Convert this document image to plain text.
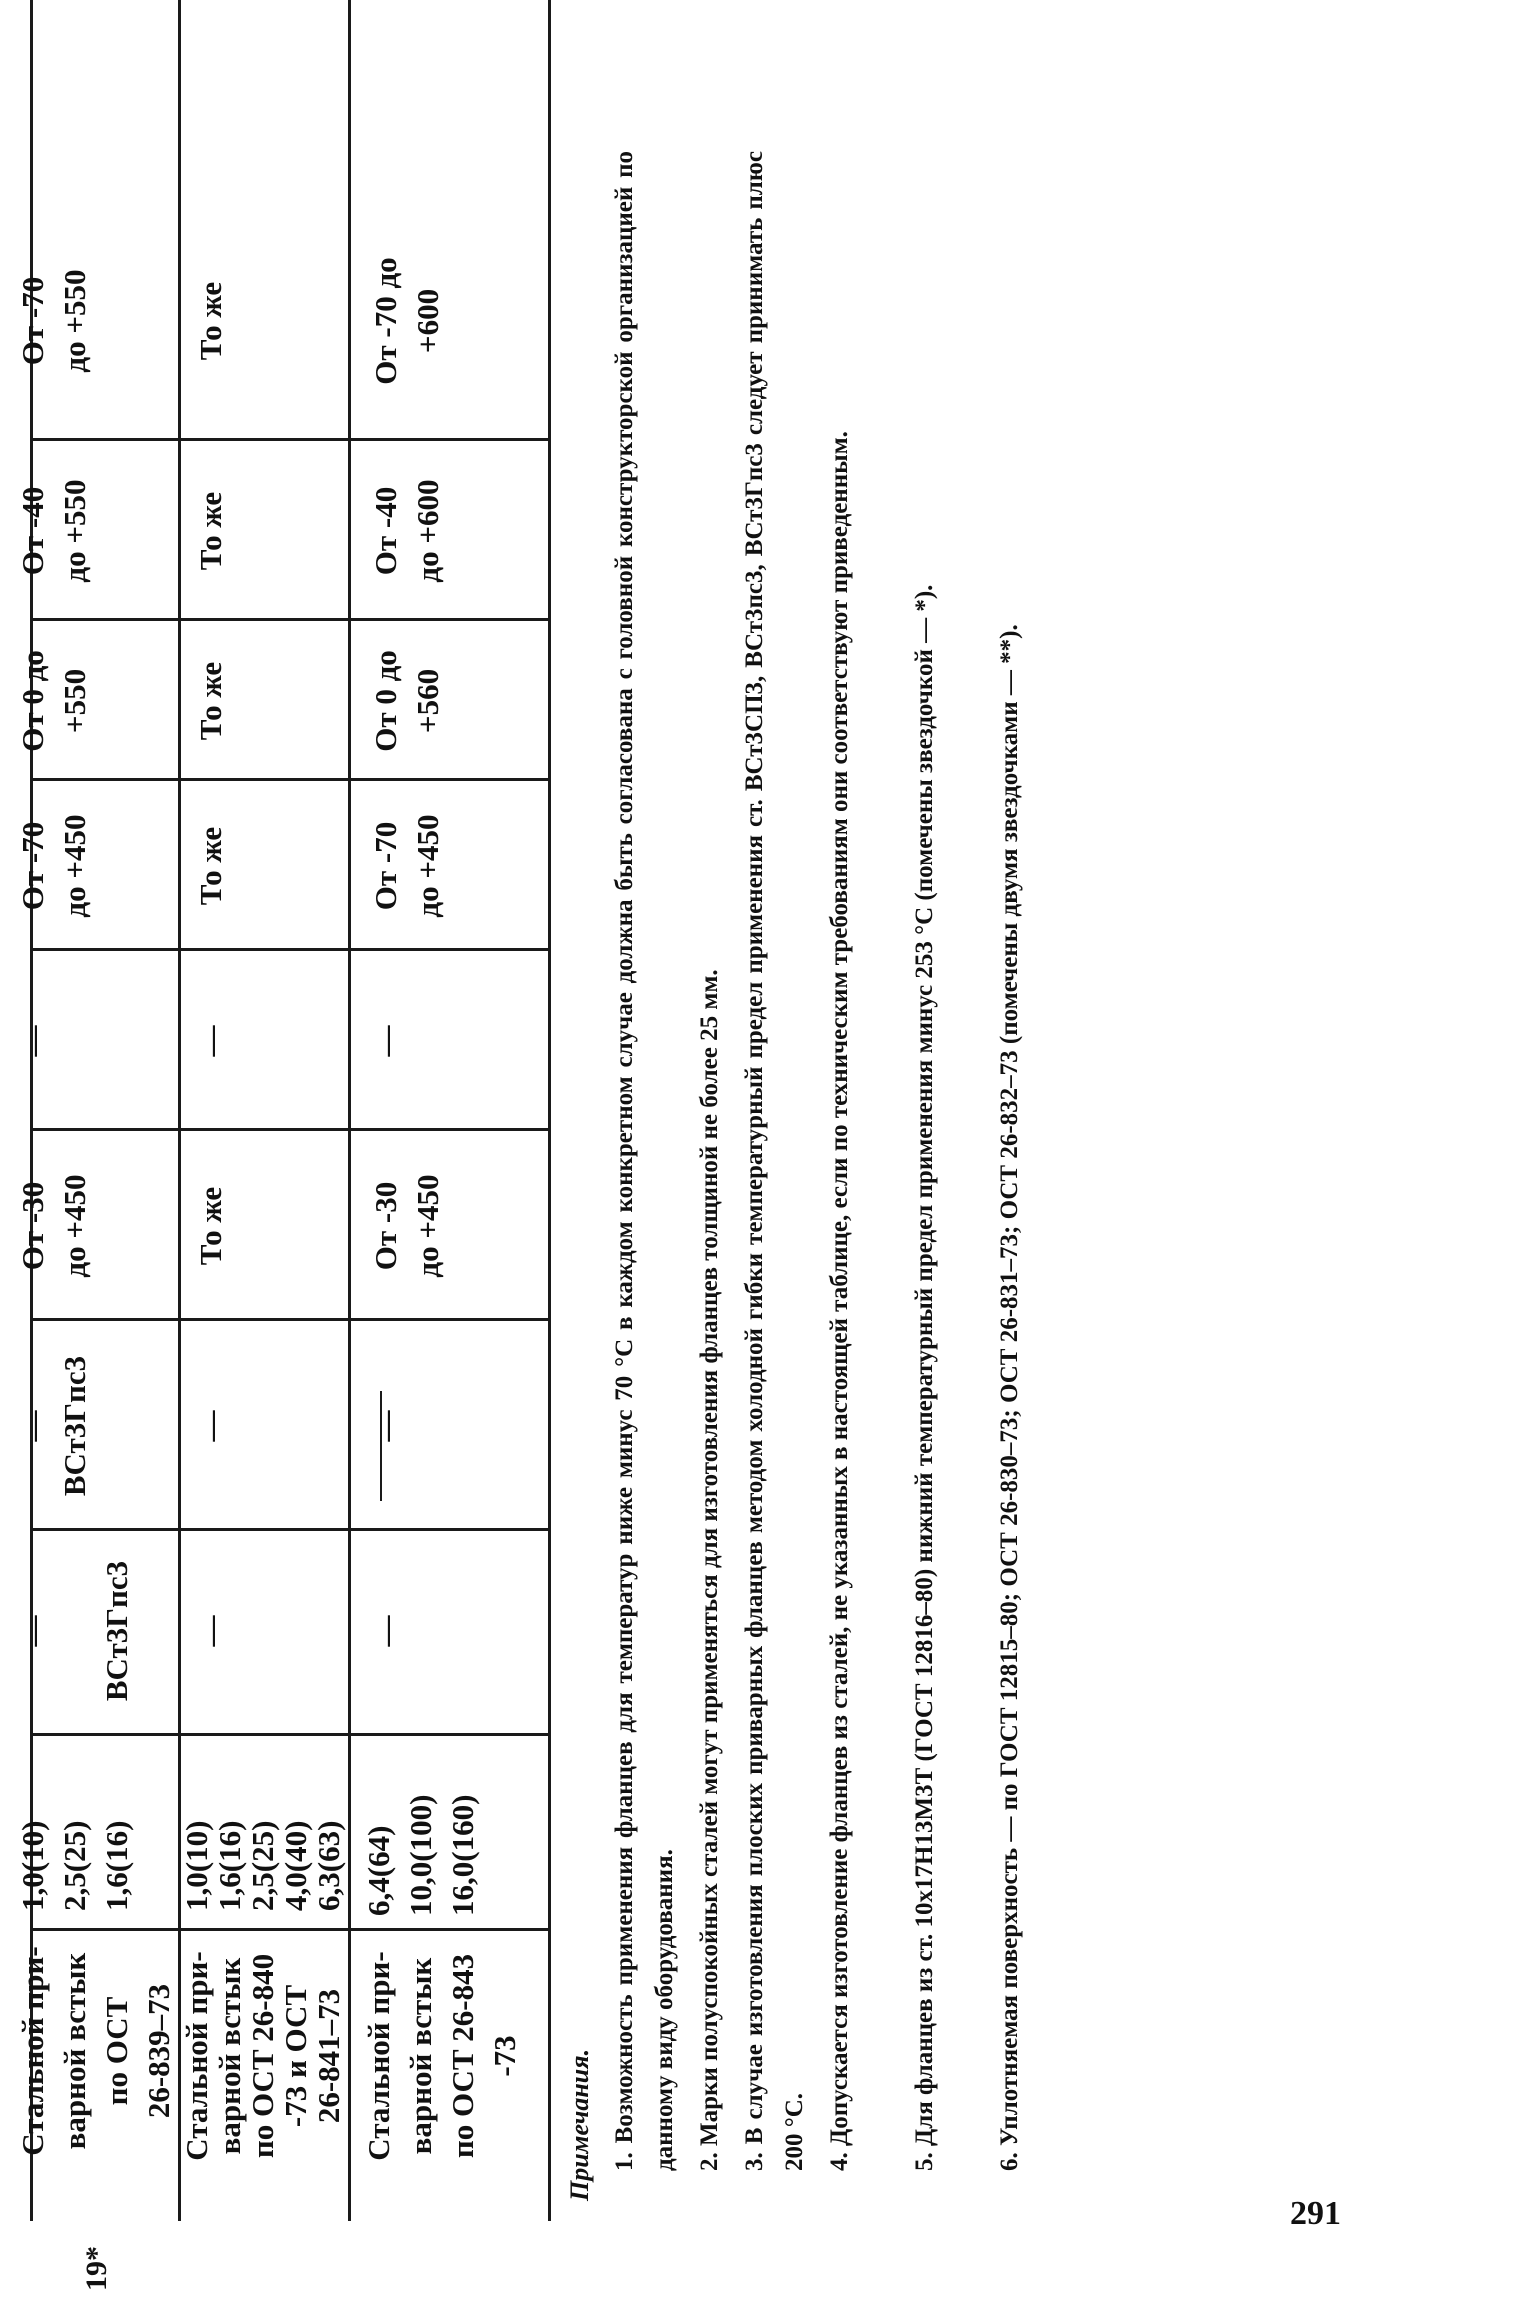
Стальной при-
варной встык
по ОСТ
26-839–73
1,0(10)
2,5(25)
1,6(16)
—

ВСт3Гпс3
—
ВСт3Гпс3
От -30
до +450
—
От -70
до +450
От 0 до
+550
От -40
до +550
От -70
до +550
Стальной при-
варной встык
по ОСТ 26-840
-73 и ОСТ
26-841–73
1,0(10)
1,6(16)
2,5(25)
4,0(40)
6,3(63)
—
—
То же
—
То же
То же
То же
То же
Стальной при-
варной встык
по ОСТ 26-843
-73
6,4(64)
10,0(100)
16,0(160)
—
—
От -30
до +450
—
От -70
до +450
От 0 до
+560
От -40
до +600
От -70 до
+600
Примечания. 1. Возможность применения фланцев для температур ниже минус 70 °С в каждом конкретном случае должна быть согласована с головной конструкторской организацией по данному виду оборудования. 2. Марки полуспокойных сталей могут применяться для изготовления фланцев толщиной не более 25 мм. 3. В случае изготовления плоских приварных фланцев методом холодной гибки температурный предел применения ст. ВСт3СП3, ВСт3пс3, ВСт3Гпс3 следует принимать плюс 200 °С. 4. Допускается изготовление фланцев из сталей, не указанных в настоящей таблице, если по техническим требованиям они соответствуют приведенным. 5. Для фланцев из ст. 10х17Н13М3Т (ГОСТ 12816–80) нижний температурный предел применения минус 253 °С (помечены звездочкой — *). 6. Уплотняемая поверхность — по ГОСТ 12815–80; ОСТ 26-830–73; ОСТ 26-831–73; ОСТ 26-832–73 (помечены двумя звездочками — **).
19*
291
